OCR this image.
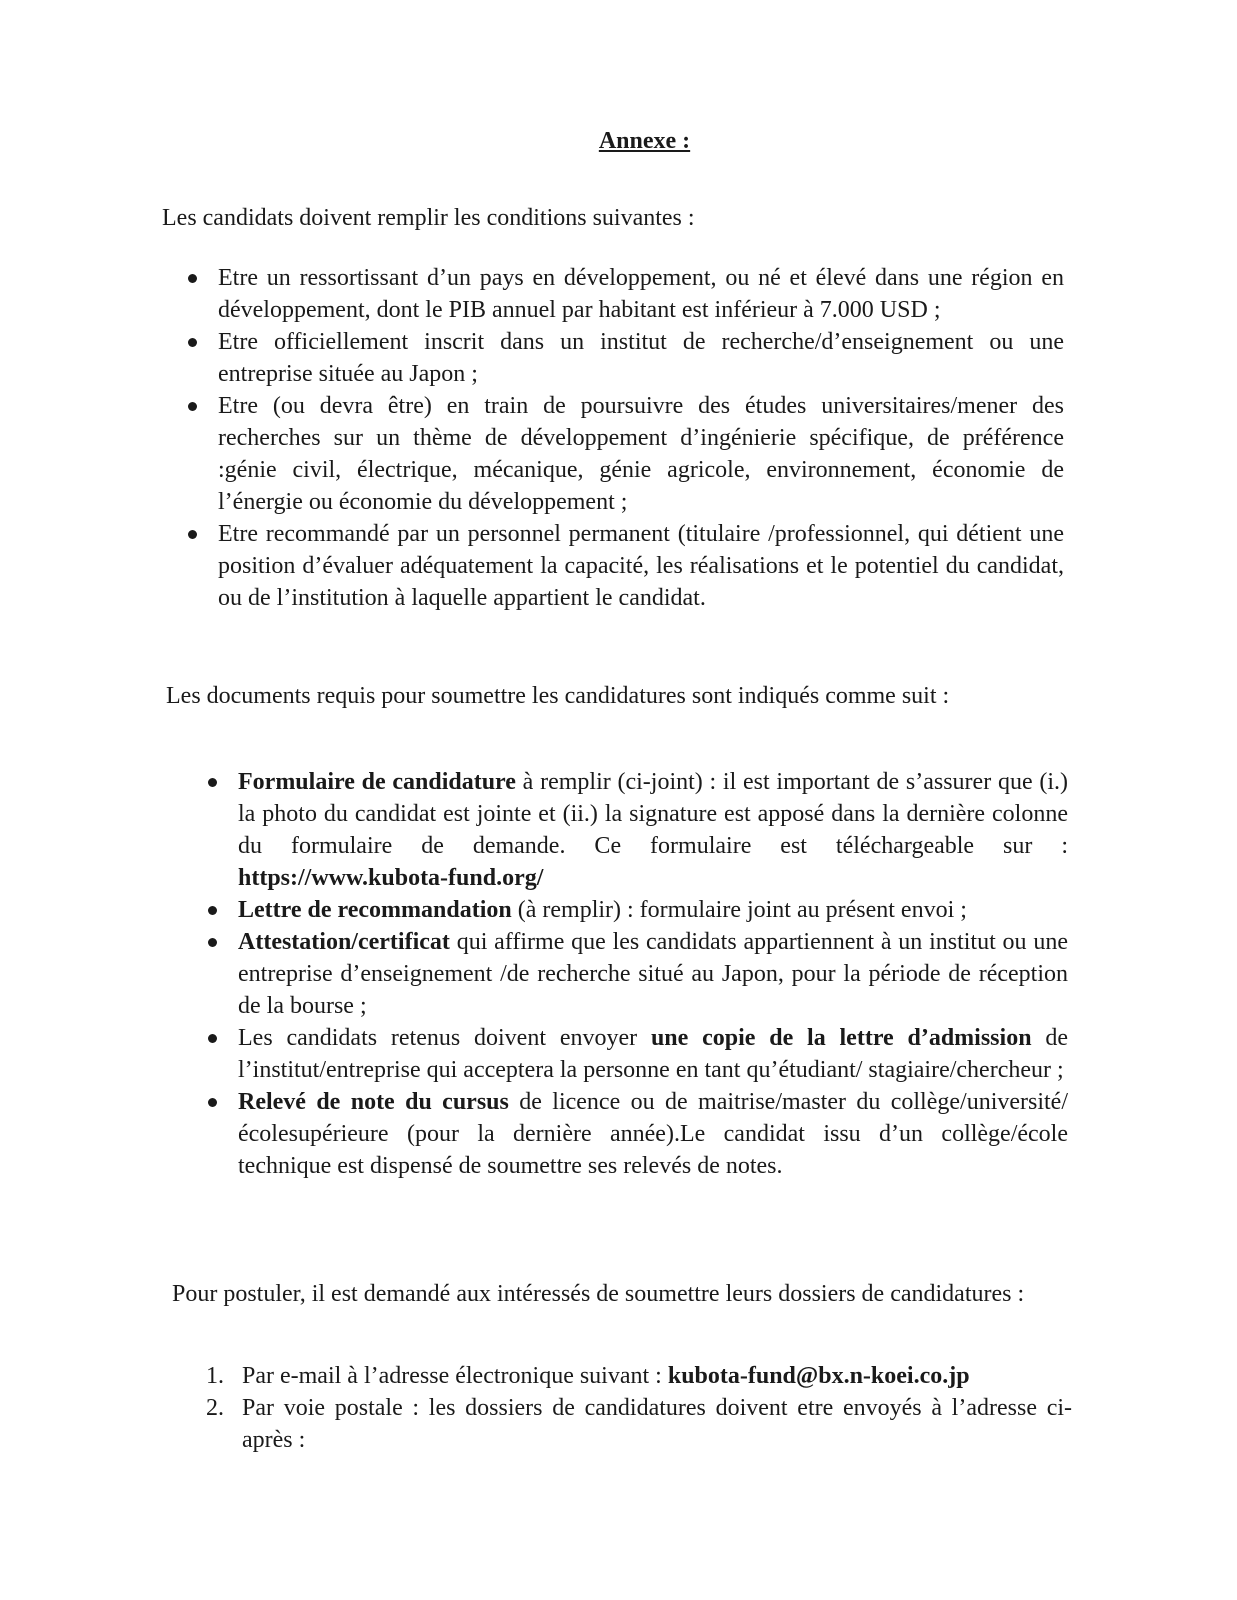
Annexe :
Les candidats doivent remplir les conditions suivantes :
Etre un ressortissant d’un pays en développement, ou né et élevé dans une région en développement, dont le PIB annuel par habitant est inférieur à 7.000 USD ;
Etre officiellement inscrit dans un institut de recherche/d’enseignement ou une entreprise située au Japon ;
Etre (ou devra être) en train de poursuivre des études universitaires/mener des recherches sur un thème de développement d’ingénierie spécifique, de préférence :génie civil, électrique, mécanique, génie agricole, environnement, économie de l’énergie ou économie du développement ;
Etre recommandé par un personnel permanent (titulaire /professionnel, qui détient une position d’évaluer adéquatement la capacité, les réalisations et le potentiel du candidat, ou de l’institution à laquelle appartient le candidat.
Les documents requis pour soumettre les candidatures sont indiqués comme suit :
Formulaire de candidature à remplir (ci-joint) : il est important de s’assurer que (i.) la photo du candidat est jointe et (ii.) la signature est apposé dans la dernière colonne du formulaire de demande. Ce formulaire est téléchargeable sur : https://www.kubota-fund.org/
Lettre de recommandation (à remplir) : formulaire joint au présent envoi ;
Attestation/certificat qui affirme que les candidats appartiennent à un institut ou une entreprise d’enseignement /de recherche situé au Japon, pour la période de réception de la bourse ;
Les candidats retenus doivent envoyer une copie de la lettre d’admission de l’institut/entreprise qui acceptera la personne en tant qu’étudiant/ stagiaire/chercheur ;
Relevé de note du cursus de licence ou de maitrise/master du collège/université/écolesupérieure (pour la dernière année).Le candidat issu d’un collège/école technique est dispensé de soumettre ses relevés de notes.
Pour postuler, il est demandé aux intéressés de soumettre leurs dossiers de candidatures :
1. Par e-mail à l’adresse électronique suivant : kubota-fund@bx.n-koei.co.jp
2. Par voie postale : les dossiers de candidatures doivent etre envoyés à l’adresse ci-après :
